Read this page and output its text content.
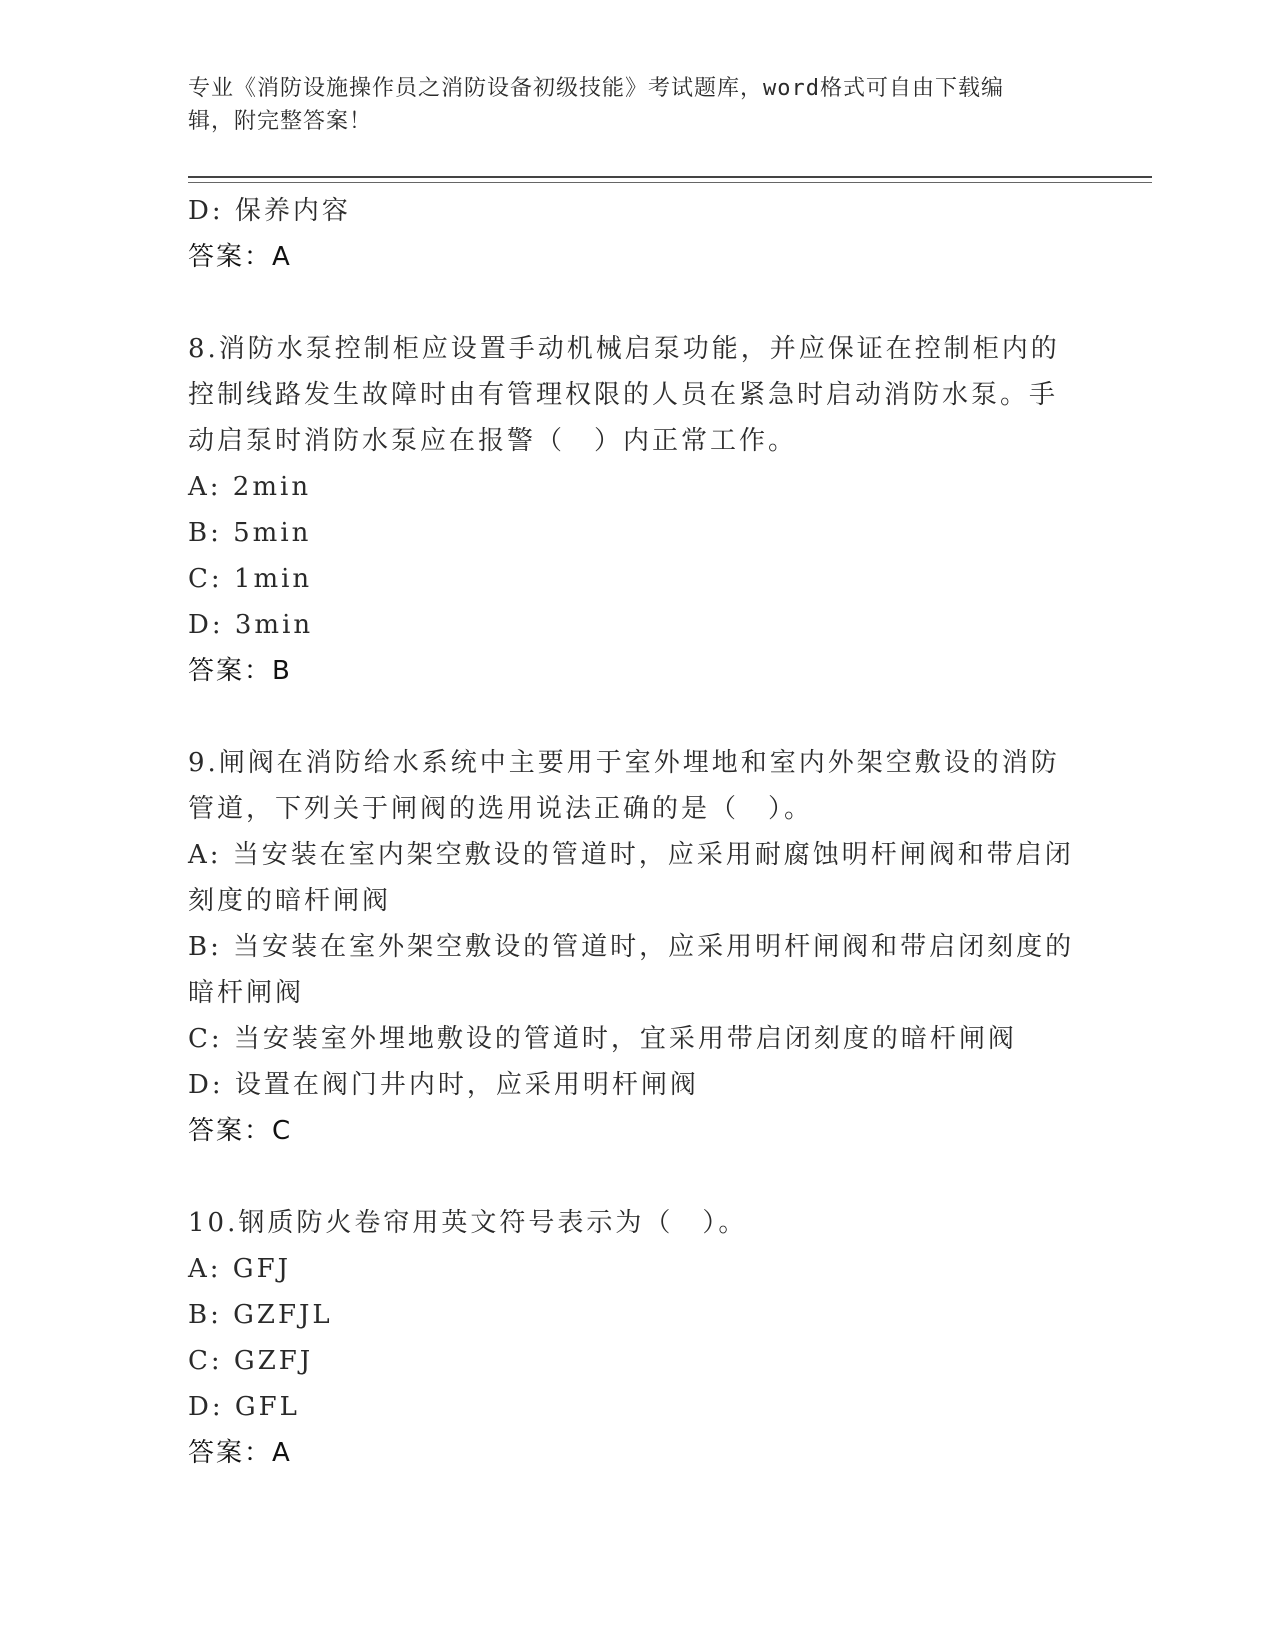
专业《消防设施操作员之消防设备初级技能》考试题库，word格式可自由下载编
辑，附完整答案！
D: 保养内容
答案：A
8.消防水泵控制柜应设置手动机械启泵功能，并应保证在控制柜内的
控制线路发生故障时由有管理权限的人员在紧急时启动消防水泵。手
动启泵时消防水泵应在报警（　）内正常工作。
A: 2min
B: 5min
C: 1min
D: 3min
答案：B
9.闸阀在消防给水系统中主要用于室外埋地和室内外架空敷设的消防
管道，下列关于闸阀的选用说法正确的是（　）。
A: 当安装在室内架空敷设的管道时，应采用耐腐蚀明杆闸阀和带启闭
刻度的暗杆闸阀
B: 当安装在室外架空敷设的管道时，应采用明杆闸阀和带启闭刻度的
暗杆闸阀
C: 当安装室外埋地敷设的管道时，宜采用带启闭刻度的暗杆闸阀
D: 设置在阀门井内时，应采用明杆闸阀
答案：C
10.钢质防火卷帘用英文符号表示为（　）。
A: GFJ
B: GZFJL
C: GZFJ
D: GFL
答案：A
